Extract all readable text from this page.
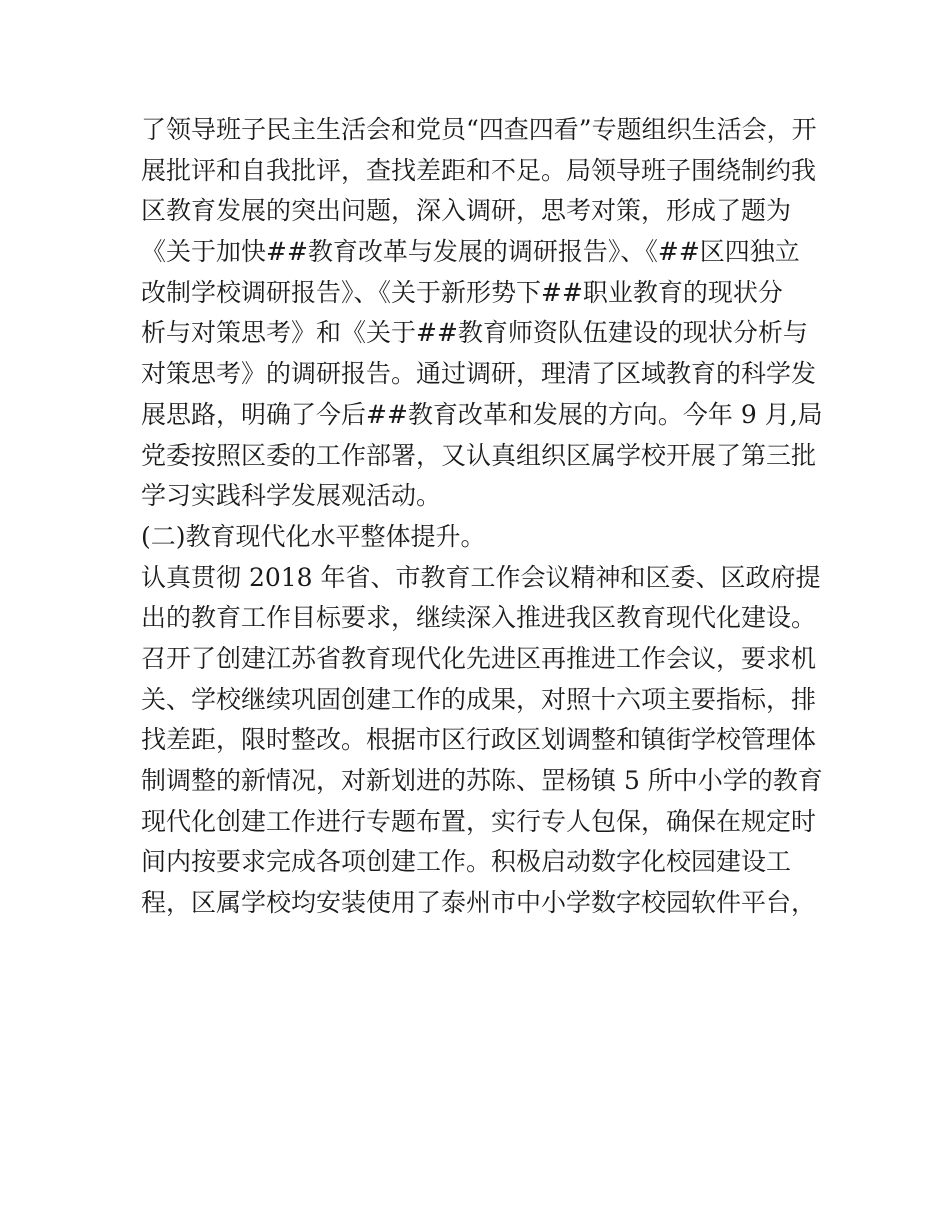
了领导班子民主生活会和党员“四查四看”专题组织生活会，开
展批评和自我批评，查找差距和不足。局领导班子围绕制约我
区教育发展的突出问题，深入调研，思考对策，形成了题为
《关于加快##教育改革与发展的调研报告》、《##区四独立
改制学校调研报告》、《关于新形势下##职业教育的现状分
析与对策思考》和《关于##教育师资队伍建设的现状分析与
对策思考》的调研报告。通过调研，理清了区域教育的科学发
展思路，明确了今后##教育改革和发展的方向。今年 9 月,局
党委按照区委的工作部署，又认真组织区属学校开展了第三批
学习实践科学发展观活动。
(二)教育现代化水平整体提升。
认真贯彻 2018 年省、市教育工作会议精神和区委、区政府提
出的教育工作目标要求，继续深入推进我区教育现代化建设。
召开了创建江苏省教育现代化先进区再推进工作会议，要求机
关、学校继续巩固创建工作的成果，对照十六项主要指标，排
找差距，限时整改。根据市区行政区划调整和镇街学校管理体
制调整的新情况，对新划进的苏陈、罡杨镇 5 所中小学的教育
现代化创建工作进行专题布置，实行专人包保，确保在规定时
间内按要求完成各项创建工作。积极启动数字化校园建设工
程，区属学校均安装使用了泰州市中小学数字校园软件平台，
